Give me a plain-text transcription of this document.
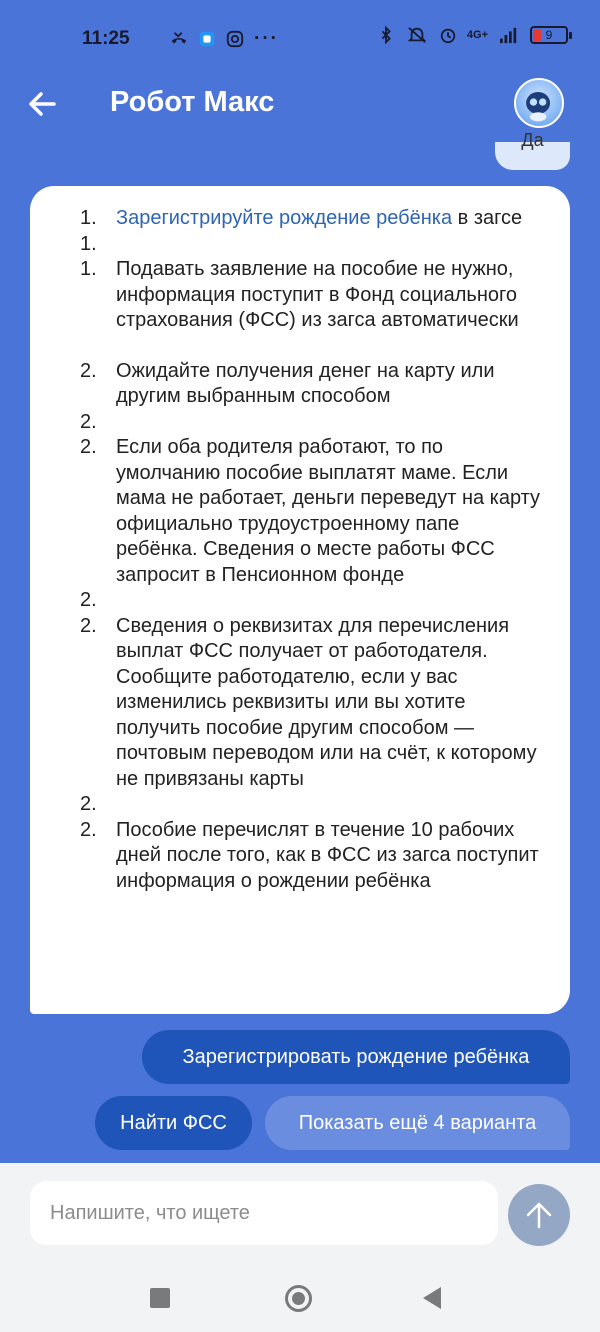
11:25	···	4G+	9
Робот Макс
Да
1. Зарегистрируйте рождение ребёнка в загсе
1.
1. Подавать заявление на пособие не нужно, информация поступит в Фонд социального страхования (ФСС) из загса автоматически
2. Ожидайте получения денег на карту или другим выбранным способом
2.
2. Если оба родителя работают, то по умолчанию пособие выплатят маме. Если мама не работает, деньги переведут на карту официально трудоустроенному папе ребёнка. Сведения о месте работы ФСС запросит в Пенсионном фонде
2.
2. Сведения о реквизитах для перечисления выплат ФСС получает от работодателя. Сообщите работодателю, если у вас изменились реквизиты или вы хотите получить пособие другим способом — почтовым переводом или на счёт, к которому не привязаны карты
2.
2. Пособие перечислят в течение 10 рабочих дней после того, как в ФСС из загса поступит информация о рождении ребёнка
Зарегистрировать рождение ребёнка
Найти ФСС	Показать ещё 4 варианта
Напишите, что ищете
